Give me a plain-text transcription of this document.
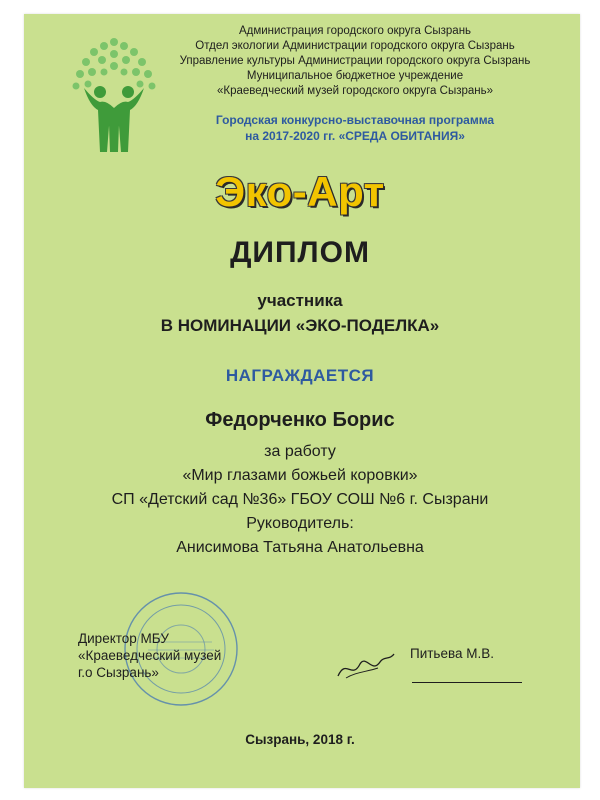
Администрация городского округа Сызрань
Отдел экологии Администрации городского округа Сызрань
Управление культуры Администрации городского округа Сызрань
Муниципальное бюджетное учреждение
«Краеведческий музей городского округа Сызрань»
Городская конкурсно-выставочная программа
на 2017-2020 гг. «СРЕДА ОБИТАНИЯ»
Эко-Арт
ДИПЛОМ
участника
В НОМИНАЦИИ «ЭКО-ПОДЕЛКА»
НАГРАЖДАЕТСЯ
Федорченко Борис
за работу
«Мир глазами божьей коровки»
СП «Детский сад №36» ГБОУ СОШ №6 г. Сызрани
Руководитель:
Анисимова Татьяна Анатольевна
Директор МБУ
«Краеведческий музей
г.о Сызрань»
Питьева М.В.
Сызрань, 2018 г.
